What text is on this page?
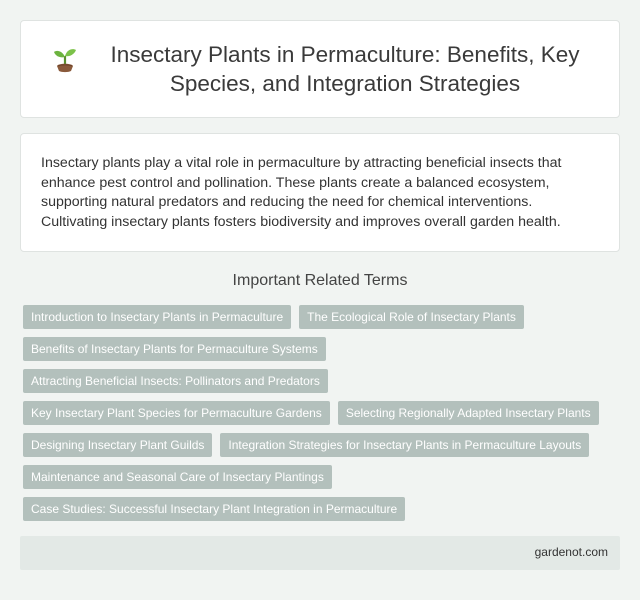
Insectary Plants in Permaculture: Benefits, Key Species, and Integration Strategies

Insectary plants play a vital role in permaculture by attracting beneficial insects that enhance pest control and pollination. These plants create a balanced ecosystem, supporting natural predators and reducing the need for chemical interventions. Cultivating insectary plants fosters biodiversity and improves overall garden health.

Important Related Terms
Introduction to Insectary Plants in Permaculture	The Ecological Role of Insectary Plants
Benefits of Insectary Plants for Permaculture Systems
Attracting Beneficial Insects: Pollinators and Predators
Key Insectary Plant Species for Permaculture Gardens	Selecting Regionally Adapted Insectary Plants
Designing Insectary Plant Guilds	Integration Strategies for Insectary Plants in Permaculture Layouts
Maintenance and Seasonal Care of Insectary Plantings
Case Studies: Successful Insectary Plant Integration in Permaculture
gardenot.com
